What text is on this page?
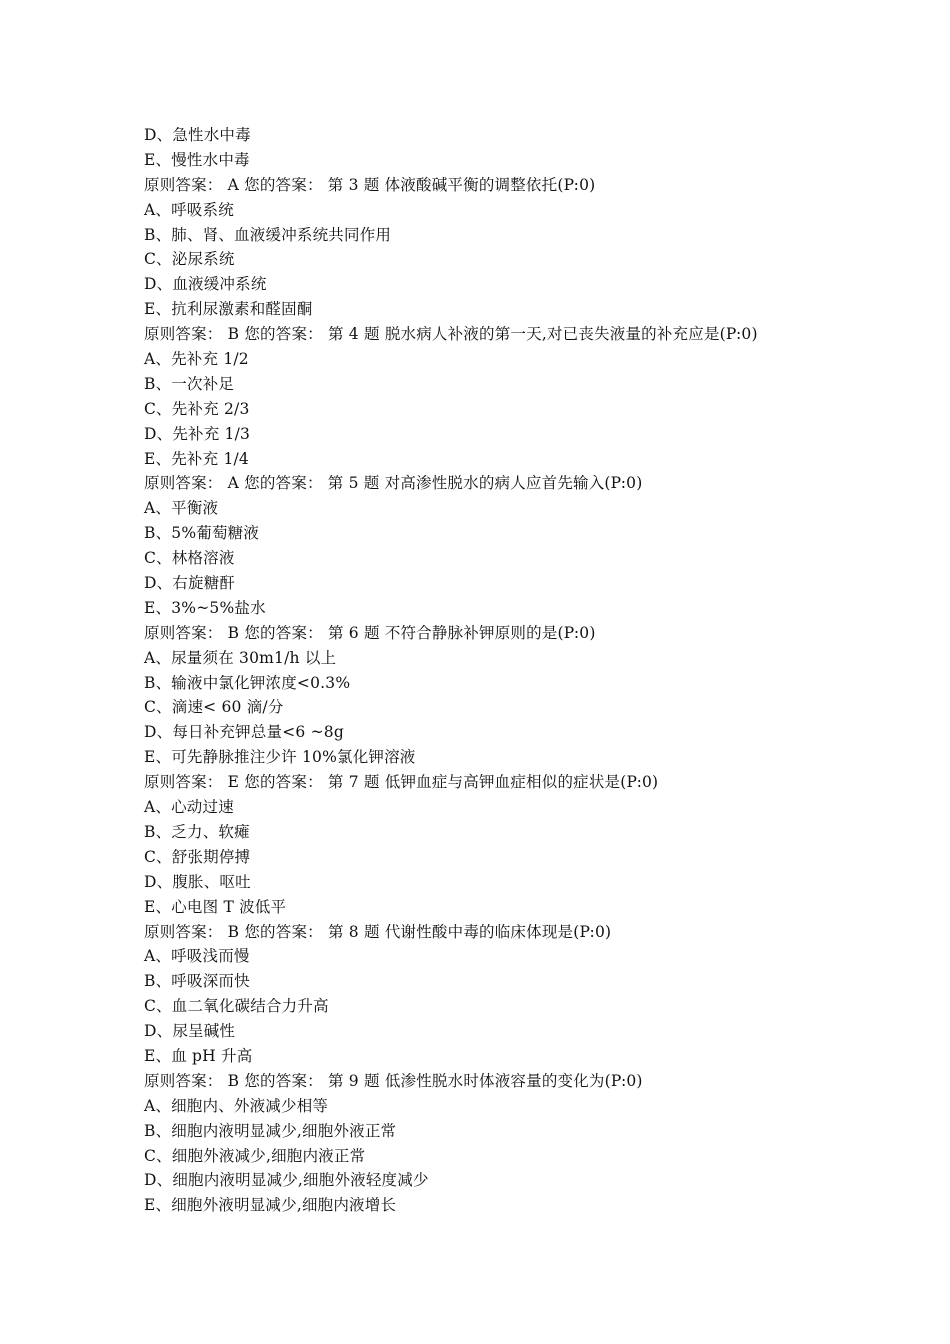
D、急性水中毒
E、慢性水中毒
原则答案： A 您的答案： 第 3 题 体液酸碱平衡的调整依托(P:0)
A、呼吸系统
B、肺、肾、血液缓冲系统共同作用
C、泌尿系统
D、血液缓冲系统
E、抗利尿激素和醛固酮
原则答案： B 您的答案： 第 4 题 脱水病人补液的第一天,对已丧失液量的补充应是(P:0)
A、先补充 1/2
B、一次补足
C、先补充 2/3
D、先补充 1/3
E、先补充 1/4
原则答案： A 您的答案： 第 5 题 对高渗性脱水的病人应首先输入(P:0)
A、平衡液
B、5%葡萄糖液
C、林格溶液
D、右旋糖酐
E、3%~5%盐水
原则答案： B 您的答案： 第 6 题 不符合静脉补钾原则的是(P:0)
A、尿量须在 30m1/h 以上
B、输液中氯化钾浓度<0.3%
C、滴速< 60 滴/分
D、每日补充钾总量<6 ~8g
E、可先静脉推注少许 10%氯化钾溶液
原则答案： E 您的答案： 第 7 题 低钾血症与高钾血症相似的症状是(P:0)
A、心动过速
B、乏力、软瘫
C、舒张期停搏
D、腹胀、呕吐
E、心电图 T 波低平
原则答案： B 您的答案： 第 8 题 代谢性酸中毒的临床体现是(P:0)
A、呼吸浅而慢
B、呼吸深而快
C、血二氧化碳结合力升高
D、尿呈碱性
E、血 pH 升高
原则答案： B 您的答案： 第 9 题 低渗性脱水时体液容量的变化为(P:0)
A、细胞内、外液减少相等
B、细胞内液明显减少,细胞外液正常
C、细胞外液减少,细胞内液正常
D、细胞内液明显减少,细胞外液轻度减少
E、细胞外液明显减少,细胞内液增长
